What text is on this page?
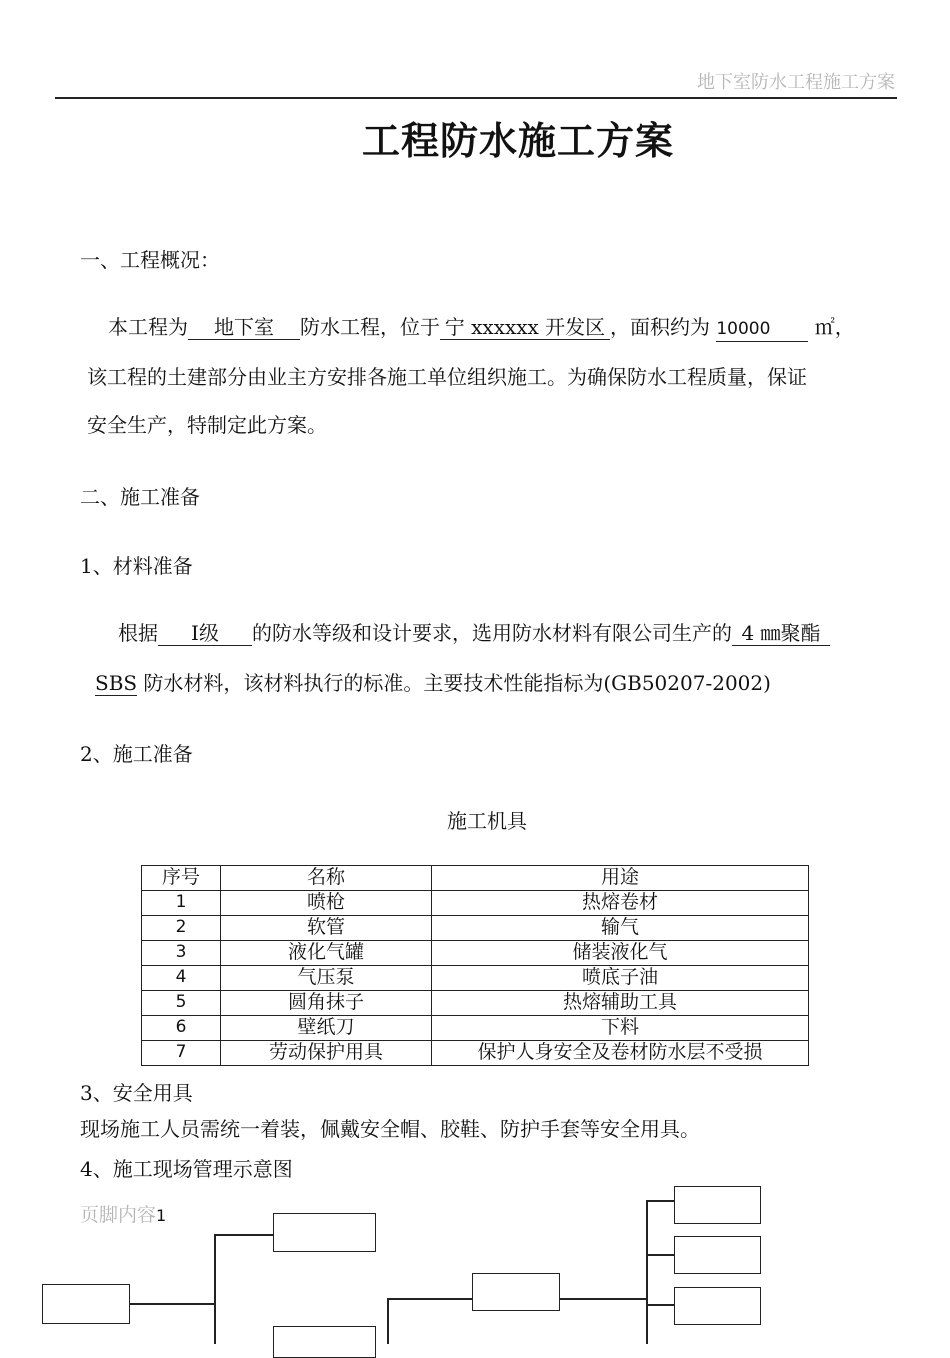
地下室防水工程施工方案
工程防水施工方案
一、工程概况：
本工程为 地下室 防水工程，位于 宁 xxxxxx 开发区 ，面积约为 10000 ㎡，
该工程的土建部分由业主方安排各施工单位组织施工。为确保防水工程质量，保证
安全生产，特制定此方案。
二、施工准备
1、材料准备
根据 Ⅰ级 的防水等级和设计要求，选用防水材料有限公司生产的 4 ㎜聚酯
SBS 防水材料，该材料执行的标准。主要技术性能指标为(GB50207-2002)
2、施工准备
施工机具
序号	名称	用途
1	喷枪	热熔卷材
2	软管	输气
3	液化气罐	储装液化气
4	气压泵	喷底子油
5	圆角抹子	热熔辅助工具
6	壁纸刀	下料
7	劳动保护用具	保护人身安全及卷材防水层不受损
3、安全用具
现场施工人员需统一着装，佩戴安全帽、胶鞋、防护手套等安全用具。
4、施工现场管理示意图
页脚内容1
